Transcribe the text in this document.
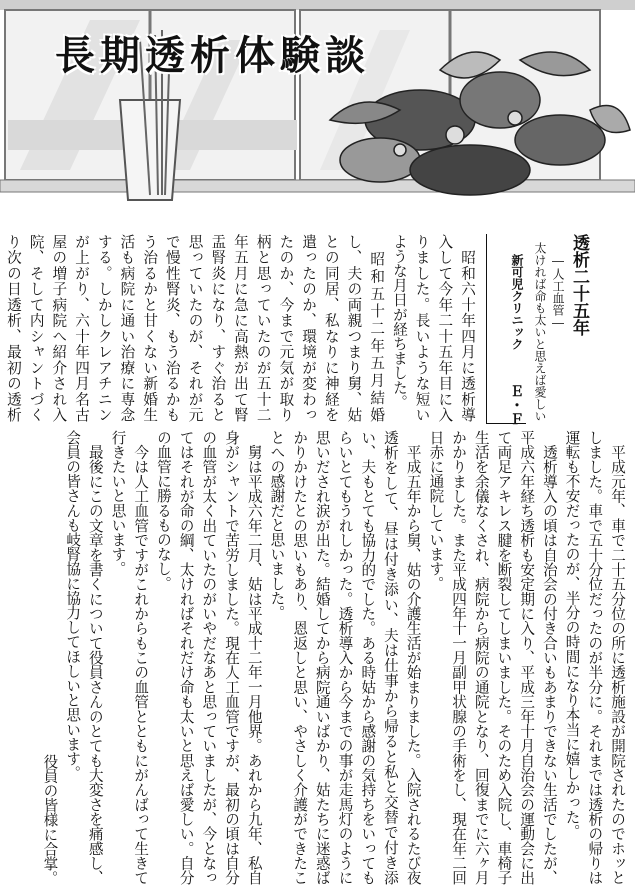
長期透析体験談
透析二十五年
―人工血管―
太ければ命も太いと思えば愛しい
新可児クリニック
Ｅ・Ｆ

　昭和六十年四月に透析導入して今年二十五年目に入りました。長いような短いような月日が経ちました。

　昭和五十二年五月結婚し、夫の両親つまり舅、姑との同居、私なりに神経を遣ったのか、環境が変わったのか、今まで元気が取り柄と思っていたのが五十二年五月に急に高熱が出て腎盂腎炎になり、すぐ治ると思っていたのが、それが元で慢性腎炎、もう治るかもう治るかと甘くない新婚生活も病院に通い治療に専念する。しかしクレアチニンが上がり、六十年四月名古屋の増子病院へ紹介され入院、そして内シャントづくり次の日透析、最初の透析

　平成元年、車で二十五分位の所に透析施設が開院されたのでホッとしました。車で五十分位だったのが半分に。それまでは透析の帰りは運転も不安だったのが、半分の時間になり本当に嬉しかった。

　透析導入の頃は自治会の付き合いもあまりできない生活でしたが、平成六年経ち透析も安定期に入り、平成三年十月自治会の運動会に出て両足アキレス腱を断裂してしまいました。そのため入院し、車椅子生活を余儀なくされ、病院から病院の通院となり、回復までに六ヶ月かかりました。また平成四年十一月副甲状腺の手術をし、現在年二回日赤に通院しています。

　平成五年から舅、姑の介護生活が始まりました。入院されるたび夜透析をして、昼は付き添い、夫は仕事から帰ると私と交替で付き添い、夫もとても協力的でした。ある時姑から感謝の気持ちをいってもらいとてもうれしかった。透析導入から今までの事が走馬灯のように思いだされ涙が出た。結婚してから病院通いばかり、姑たちに迷惑ばかりかけたとの思いもあり、恩返しと思い、やさしく介護ができたことへの感謝だと思いました。

　舅は平成六年二月、姑は平成十二年一月他界。あれから九年、私自身がシャントで苦労しました。現在人工血管ですが、最初の頃は自分の血管が太く出ていたのがいやだなあと思っていましたが、今となってはそれが命の綱、太ければそれだけ命も太いと思えば愛しい。自分の血管に勝るものなし。

　今は人工血管ですがこれからもこの血管とともにがんばって生きて行きたいと思います。

　最後にこの文章を書くについて役員さんのとても大変さを痛感し、会員の皆さんも岐腎協に協力してほしいと思います。

役員の皆様に合掌。
